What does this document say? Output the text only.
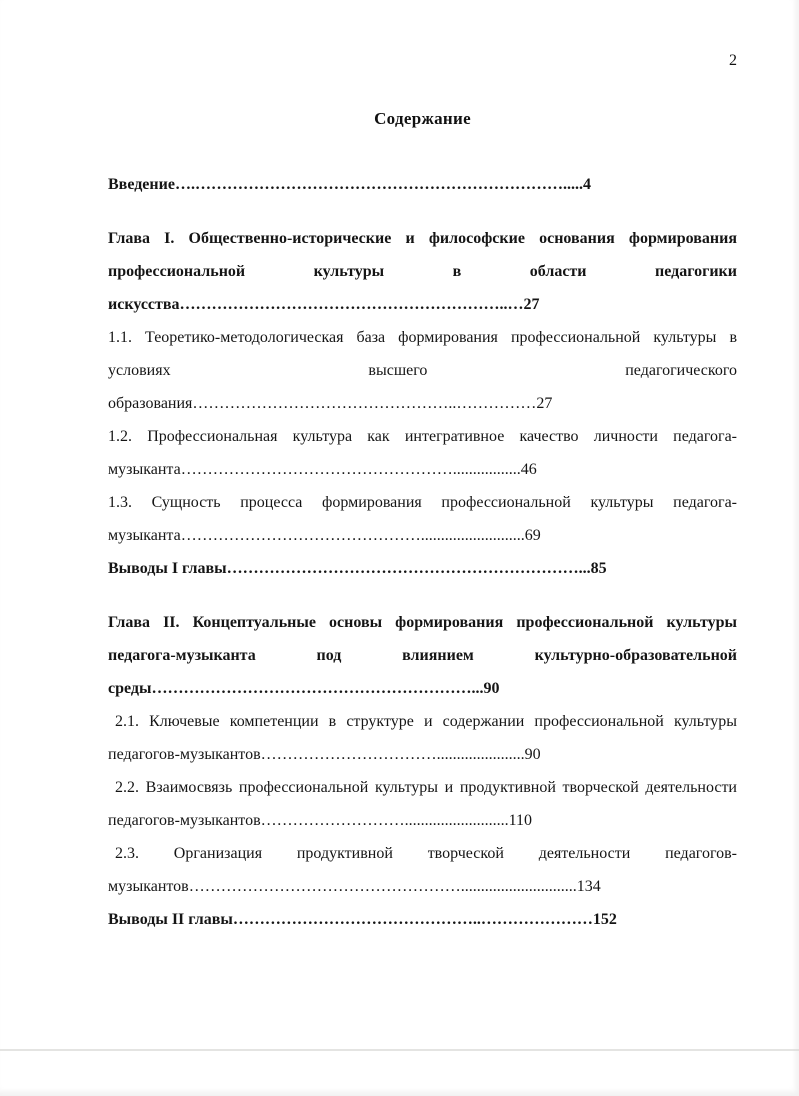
2
Содержание

Введение….…………………………………………………………….....4

Глава I. Общественно-исторические и философские основания формирования профессиональной культуры в области педагогики искусства……………………………………………………..…27

1.1. Теоретико-методологическая база формирования профессиональной культуры в условиях высшего педагогического образования…………………………………………..……………27

1.2. Профессиональная культура как интегративное качество личности педагога-музыканта…………………………………………….................46

1.3. Сущность процесса формирования профессиональной культуры педагога-музыканта………………………………………..........................69

Выводы I главы…………………………………………………………...85

Глава II. Концептуальные основы формирования профессиональной культуры педагога-музыканта под влиянием культурно-образовательной среды……………………………………………………...90

2.1. Ключевые компетенции в структуре и содержании профессиональной культуры педагогов-музыкантов……………………………......................90

2.2. Взаимосвязь профессиональной культуры и продуктивной творческой деятельности педагогов-музыкантов………………………..........................110

2.3. Организация продуктивной творческой деятельности педагогов-музыкантов…………………………………………….............................134

Выводы II главы………………………………………..…………………152
